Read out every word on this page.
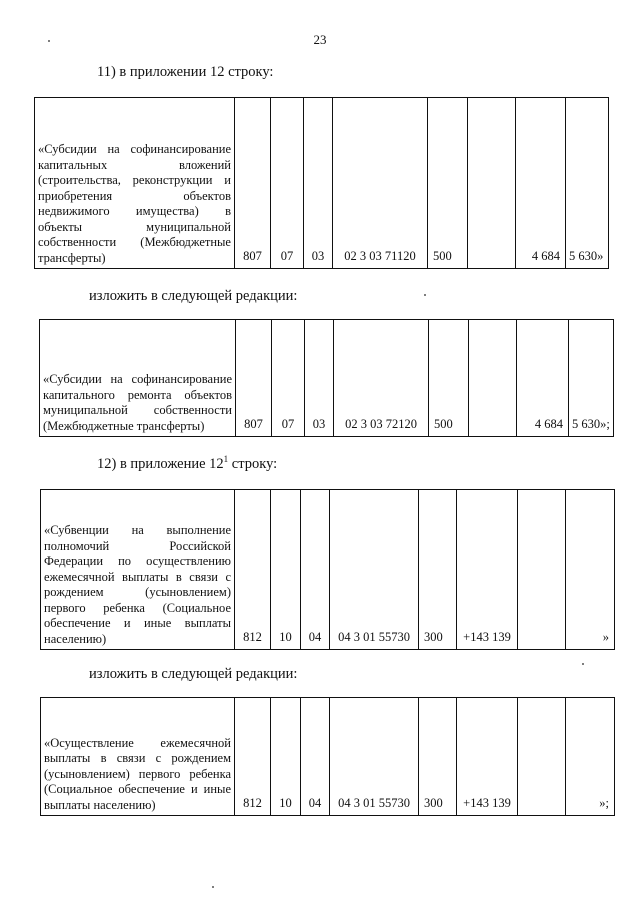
23
11) в приложении 12 строку:
«Субсидии на софинансирование капитальных вложений (строительства, реконструкции и приобретения объектов недвижимого имущества) в объекты муниципальной собственности (Межбюджетные трансферты)	807	07	03	02 3 03 71120	500		4 684	5 630»
изложить в следующей редакции:
«Субсидии на софинансирование капитального ремонта объектов муниципальной собственности (Межбюджетные трансферты)	807	07	03	02 3 03 72120	500		4 684	5 630»;
12) в приложение $12^1$ строку:
«Субвенции на выполнение полномочий Российской Федерации по осуществлению ежемесячной выплаты в связи с рождением (усыновлением) первого ребенка (Социальное обеспечение и иные выплаты населению)	812	10	04	04 3 01 55730	300	+143 139		»
изложить в следующей редакции:
«Осуществление ежемесячной выплаты в связи с рождением (усыновлением) первого ребенка (Социальное обеспечение и иные выплаты населению)	812	10	04	04 3 01 55730	300	+143 139		»;
